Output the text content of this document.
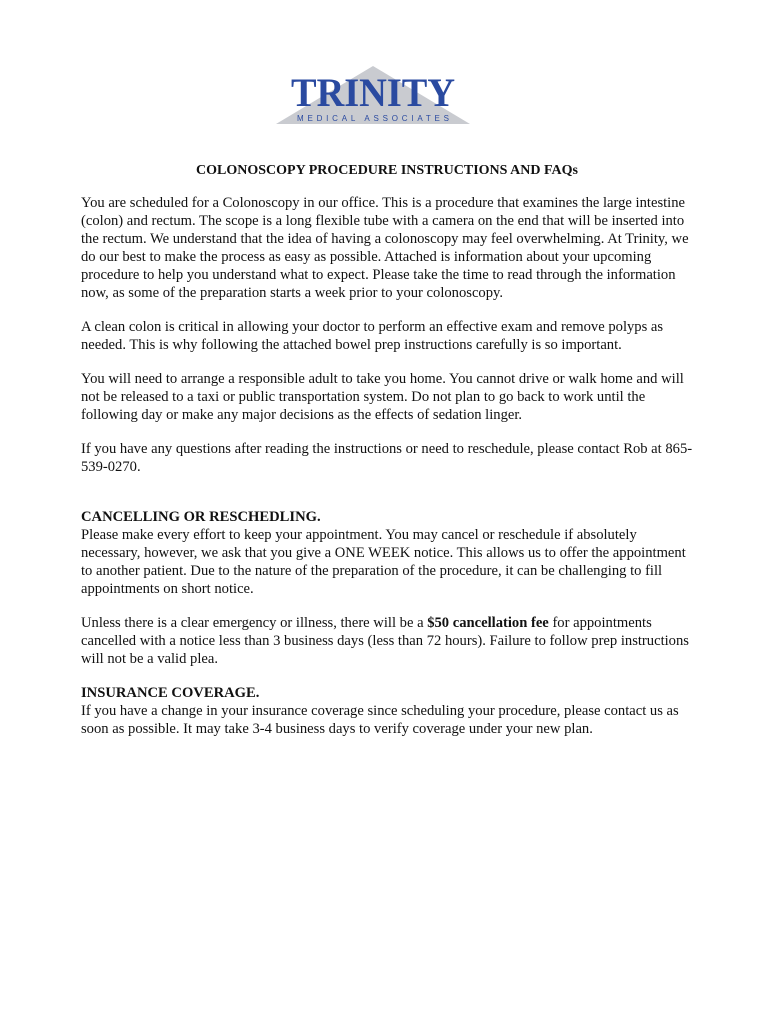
TRINITY
MEDICAL ASSOCIATES
COLONOSCOPY PROCEDURE INSTRUCTIONS AND FAQs

You are scheduled for a Colonoscopy in our office. This is a procedure that examines the large intestine (colon) and rectum. The scope is a long flexible tube with a camera on the end that will be inserted into the rectum. We understand that the idea of having a colonoscopy may feel overwhelming. At Trinity, we do our best to make the process as easy as possible. Attached is information about your upcoming procedure to help you understand what to expect. Please take the time to read through the information now, as some of the preparation starts a week prior to your colonoscopy.

A clean colon is critical in allowing your doctor to perform an effective exam and remove polyps as needed. This is why following the attached bowel prep instructions carefully is so important.

You will need to arrange a responsible adult to take you home. You cannot drive or walk home and will not be released to a taxi or public transportation system. Do not plan to go back to work until the following day or make any major decisions as the effects of sedation linger.

If you have any questions after reading the instructions or need to reschedule, please contact Rob at 865-539-0270.

CANCELLING OR RESCHEDLING.

Please make every effort to keep your appointment. You may cancel or reschedule if absolutely necessary, however, we ask that you give a ONE WEEK notice. This allows us to offer the appointment to another patient. Due to the nature of the preparation of the procedure, it can be challenging to fill appointments on short notice.

Unless there is a clear emergency or illness, there will be a $50 cancellation fee for appointments cancelled with a notice less than 3 business days (less than 72 hours). Failure to follow prep instructions will not be a valid plea.

INSURANCE COVERAGE.

If you have a change in your insurance coverage since scheduling your procedure, please contact us as soon as possible. It may take 3-4 business days to verify coverage under your new plan.
